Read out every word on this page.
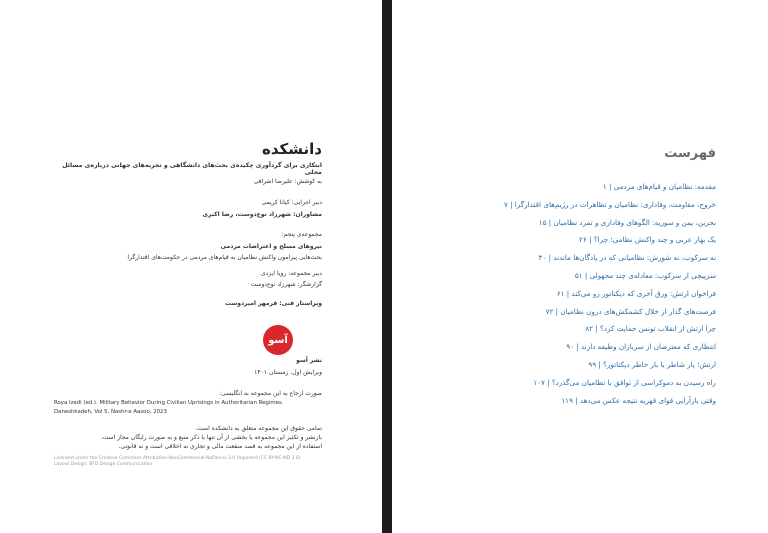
دانشکده
ابتکاری برای گردآوری چکیده‌ی بحث‌های دانشگاهی و تجربه‌های جهانی درباره‌ی مسائل محلی
به کوشش: علیرضا اشراقی
دبیر اجرایی: کیانا کریمی
مشاوران: شهرزاد نوع‌دوست، رضا اکبری
مجموعه‌ی پنجم:
نیروهای مسلح و اعتراضات مردمی
بحث‌هایی پیرامون واکنش نظامیان به قیام‌های مردمی در حکومت‌های اقتدارگرا
دبیر مجموعه: رویا ایزدی
گزارشگر: شهرزاد نوع‌دوست
ویراستار فنی: فرمهر امیردوست
آسو
نشر آسو
ویرایش اول، زمستان ۱۴۰۱
صورت ارجاع به این مجموعه به انگلیسی:
Roya Izadi (ed.). Military Behavior During Civilian Uprisings in Authoritarian Regimes.
Daneshkadeh, Vol 5, Nashr-e Aasoo, 2023
تمامی حقوق این مجموعه متعلق به دانشکده است.
بازنشر و تکثیر این مجموعه یا بخشی از آن تنها با ذکر منبع و به صورت رایگان مجاز است.
استفاده از این مجموعه به قصد منفعت مالی و تجاری نه اخلاقی است و نه قانونی.
Licensed under the Creative Commons Attribution-NonCommercial-NoDerivs 3.0 Unported (CC BY-NC-ND 3.0)
Layout Design: BFD Design Communication
فهرست
مقدمه: نظامیان و قیام‌های مردمی | ۱
خروج، مقاومت، وفاداری: نظامیان و تظاهرات در رژیم‌های اقتدارگرا | ۷
بحرین، یمن و سوریه: الگوهای وفاداری و تمرد نظامیان | ۱۵
یک بهار عربی و چند واکنش نظامی؛ چرا؟ | ۲۶
نه سرکوب، نه شورش: نظامیانی که در پادگان‌ها ماندند | ۴۰
سرپیچی از سرکوب: معادله‌ی چند مجهولی | ۵۱
فراخوان ارتش: ورق آخری که دیکتاتور رو می‌کند | ۶۱
فرصت‌های گذار از خلال کشمکش‌های درون نظامیان | ۷۲
چرا ارتش از انقلاب تونس حمایت کرد؟ | ۸۲
انتظاری که معترضان از سربازان وظیفه دارند | ۹۰
ارتش؛ یار شاطر یا بار خاطر دیکتاتور؟ | ۹۹
راه رسیدن به دموکراسی از توافق با نظامیان می‌گذرد؟ | ۱۰۷
وقتی بازآرایی قوای قهریه نتیجه عکس می‌دهد | ۱۱۹
